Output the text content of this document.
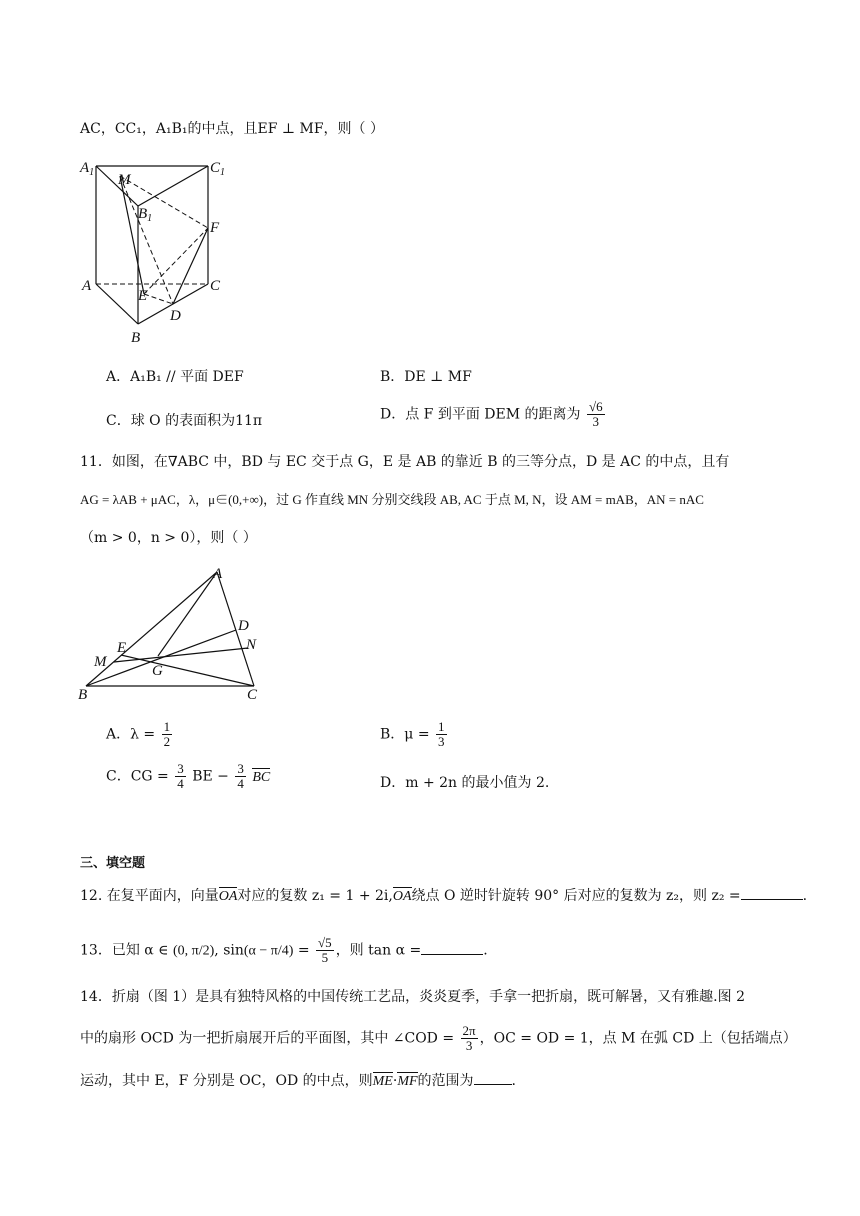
AC，CC₁，A₁B₁的中点，且EF ⊥ MF，则（ ）
$A_1$ M
$C_1$
$B_1$
F
A
E
C
D
B
A．A₁B₁ // 平面 DEF	B．DE ⊥ MF
C．球 O 的表面积为11π	D．点 F 到平面 DEM 的距离为 $\frac{√6}{3}$
11．如图，在∇ABC 中，BD 与 EC 交于点 G，E 是 AB 的靠近 B 的三等分点，D 是 AC 的中点，且有
AG = λAB + μAC，λ，μ∈(0,+∞)，过 G 作直线 MN 分别交线段 AB, AC 于点 M, N，设 AM = mAB，AN = nAC
（m > 0，n > 0），则（ ）
A
D
E	N
M
G
B	C
A．$\lambda = \frac{1}{2}$	B．$\mu = \frac{1}{3}$
C．CG = $\frac{3}{4}$ BE − $\frac{3}{4}$ BC	D．m + 2n 的最小值为 2.
三、填空题
12. 在复平面内，向量OA对应的复数 z₁ = 1 + 2i,OA绕点 O 逆时针旋转 90° 后对应的复数为 z₂，则 z₂ =	.
13．已知 α ∈ (0, π/2), $\sin(\alpha - \pi/4) = \frac{√5}{5}$ ，则 tan α =	.
14．折扇（图 1）是具有独特风格的中国传统工艺品，炎炎夏季，手拿一把折扇，既可解暑，又有雅趣.图 2
中的扇形 OCD 为一把折扇展开后的平面图，其中 ∠COD = $\frac{2\pi}{3}$ ，OC = OD = 1，点 M 在弧 CD 上（包括端点）
运动，其中 E，F 分别是 OC，OD 的中点，则ME·MF的范围为	.
